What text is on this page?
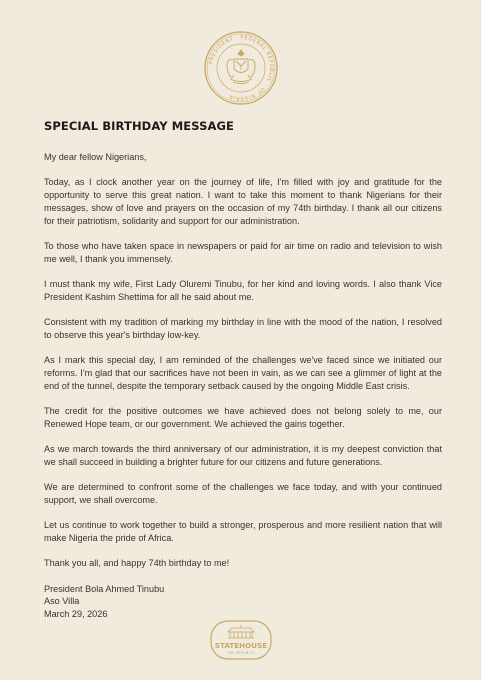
PRESIDENT · FEDERAL REPUBLIC · OF NIGERIA
SPECIAL BIRTHDAY MESSAGE

My dear fellow Nigerians,

Today, as I clock another year on the journey of life, I'm filled with joy and gratitude for the opportunity to serve this great nation. I want to take this moment to thank Nigerians for their messages, show of love and prayers on the occasion of my 74th birthday. I thank all our citizens for their patriotism, solidarity and support for our administration.

To those who have taken space in newspapers or paid for air time on radio and television to wish me well, I thank you immensely.

I must thank my wife, First Lady Oluremi Tinubu, for her kind and loving words. I also thank Vice President Kashim Shettima for all he said about me.

Consistent with my tradition of marking my birthday in line with the mood of the nation, I resolved to observe this year's birthday low-key.

As I mark this special day, I am reminded of the challenges we've faced since we initiated our reforms. I'm glad that our sacrifices have not been in vain, as we can see a glimmer of light at the end of the tunnel, despite the temporary setback caused by the ongoing Middle East crisis.

The credit for the positive outcomes we have achieved does not belong solely to me, our Renewed Hope team, or our government. We achieved the gains together.

As we march towards the third anniversary of our administration, it is my deepest conviction that we shall succeed in building a brighter future for our citizens and future generations.

We are determined to confront some of the challenges we face today, and with your continued support, we shall overcome.

Let us continue to work together to build a stronger, prosperous and more resilient nation that will make Nigeria the pride of Africa.

Thank you all, and happy 74th birthday to me!

President Bola Ahmed Tinubu
Aso Villa
March 29, 2026
STATEHOUSE
THE REPUBLIC
